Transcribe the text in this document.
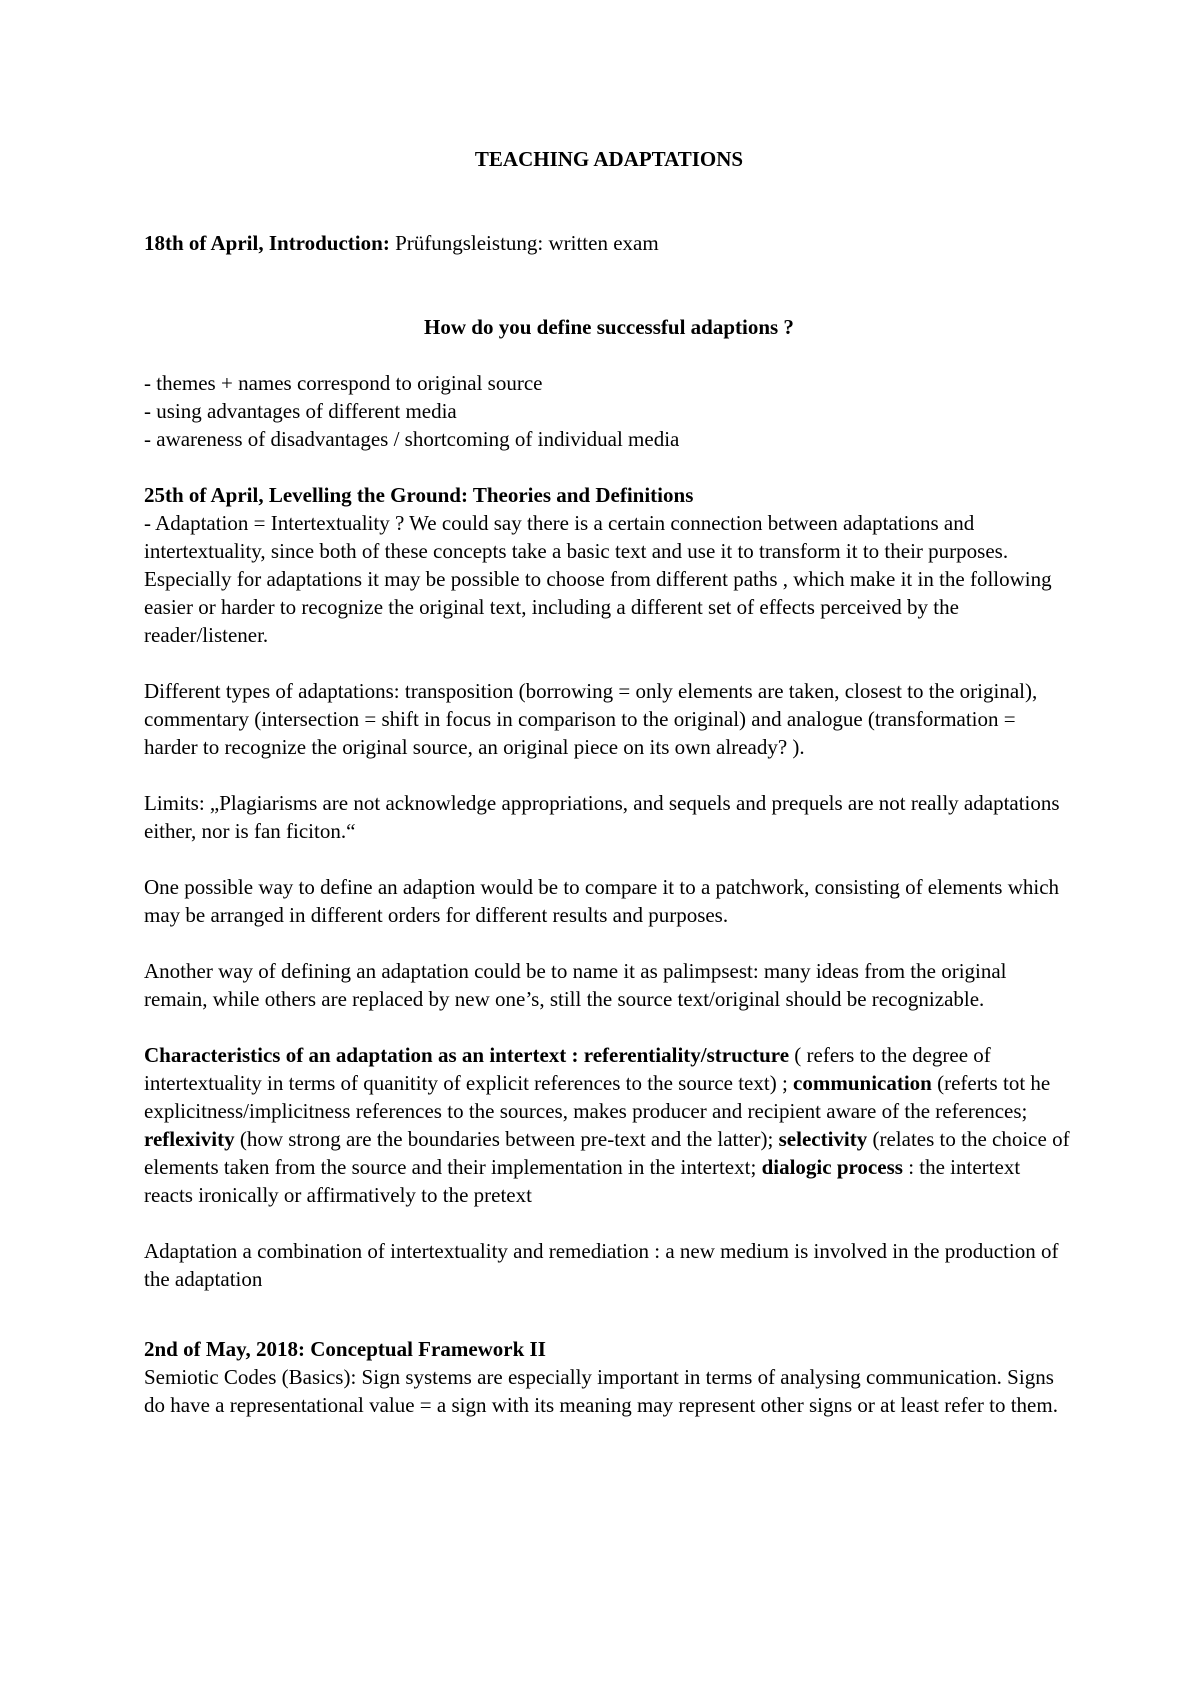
TEACHING ADAPTATIONS

18th of April, Introduction: Prüfungsleistung: written exam

How do you define successful adaptions ?

- themes + names correspond to original source

- using advantages of different media

- awareness of disadvantages / shortcoming of individual media

25th of April, Levelling the Ground: Theories and Definitions

- Adaptation = Intertextuality ? We could say there is a certain connection between adaptations and intertextuality, since both of these concepts take a basic text and use it to transform it to their purposes. Especially for adaptations it may be possible to choose from different paths , which make it in the following easier or harder to recognize the original text, including a different set of effects perceived by the reader/listener.

Different types of adaptations: transposition (borrowing = only elements are taken, closest to the original), commentary (intersection = shift in focus in comparison to the original) and analogue (transformation = harder to recognize the original source, an original piece on its own already? ).

Limits: „Plagiarisms are not acknowledge appropriations, and sequels and prequels are not really adaptations either, nor is fan ficiton.“

One possible way to define an adaption would be to compare it to a patchwork, consisting of elements which may be arranged in different orders for different results and purposes.

Another way of defining an adaptation could be to name it as palimpsest: many ideas from the original remain, while others are replaced by new one’s, still the source text/original should be recognizable.

Characteristics of an adaptation as an intertext : referentiality/structure ( refers to the degree of intertextuality in terms of quanitity of explicit references to the source text) ; communication (referts tot he explicitness/implicitness references to the sources, makes producer and recipient aware of the references; reflexivity (how strong are the boundaries between pre-text and the latter); selectivity (relates to the choice of elements taken from the source and their implementation in the intertext; dialogic process : the intertext reacts ironically or affirmatively to the pretext

Adaptation a combination of intertextuality and remediation : a new medium is involved in the production of the adaptation

2nd of May, 2018: Conceptual Framework II

Semiotic Codes (Basics): Sign systems are especially important in terms of analysing communication. Signs do have a representational value = a sign with its meaning may represent other signs or at least refer to them.
